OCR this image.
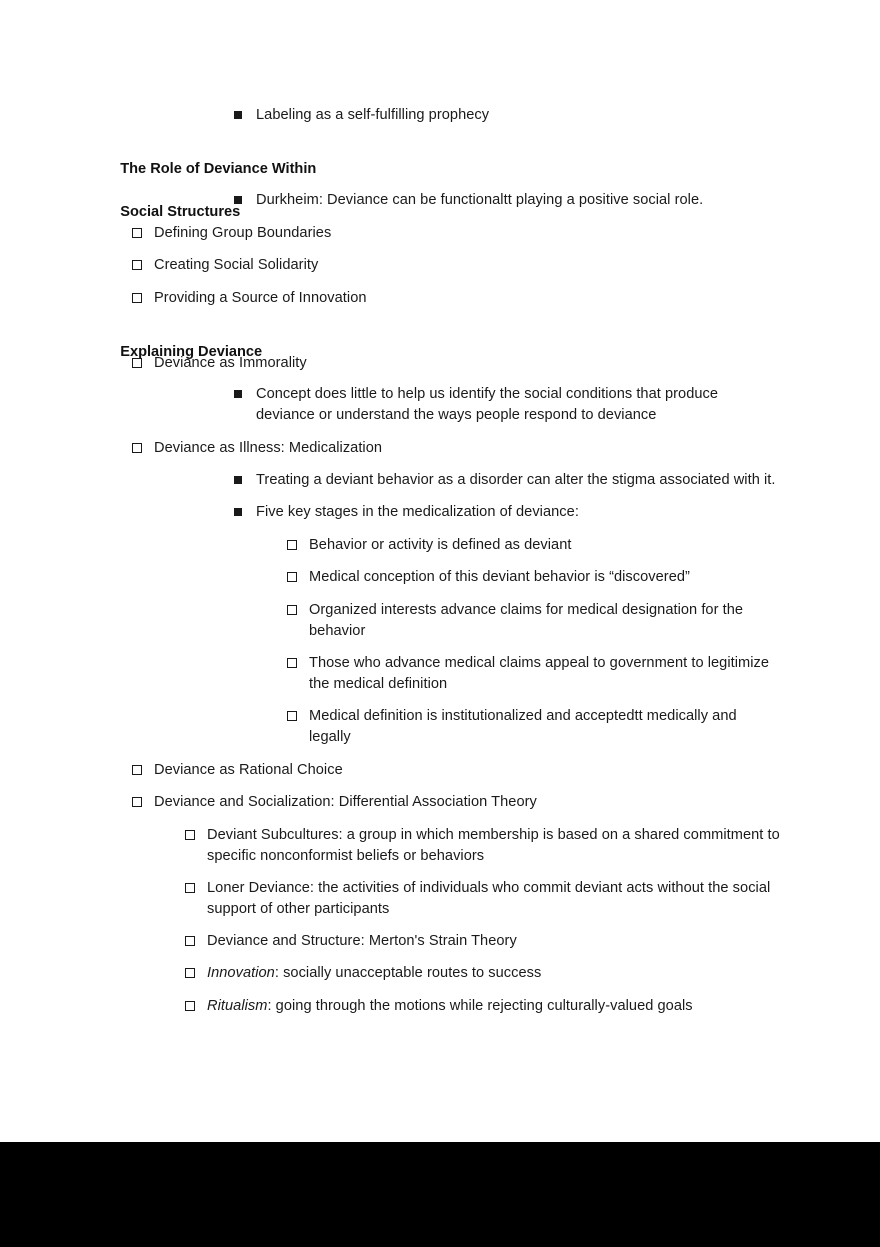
Labeling as a self-fulfilling prophecy

The Role of Deviance Within

Social Structures

Durkheim: Deviance can be functionaltt playing a positive social role.
Defining Group Boundaries
Creating Social Solidarity
Providing a Source of Innovation

Explaining Deviance

Deviance as Immorality
Concept does little to help us identify the social conditions that produce deviance or understand the ways people respond to deviance
Deviance as Illness: Medicalization
Treating a deviant behavior as a disorder can alter the stigma associated with it.
Five key stages in the medicalization of deviance:
Behavior or activity is defined as deviant
Medical conception of this deviant behavior is “discovered”
Organized interests advance claims for medical designation for the behavior
Those who advance medical claims appeal to government to legitimize the medical definition
Medical definition is institutionalized and acceptedtt medically and legally
Deviance as Rational Choice
Deviance and Socialization: Differential Association Theory
Deviant Subcultures: a group in which membership is based on a shared commitment to specific nonconformist beliefs or behaviors
Loner Deviance: the activities of individuals who commit deviant acts without the social support of other participants
Deviance and Structure: Merton's Strain Theory
Innovation: socially unacceptable routes to success
Ritualism: going through the motions while rejecting culturally-valued goals
